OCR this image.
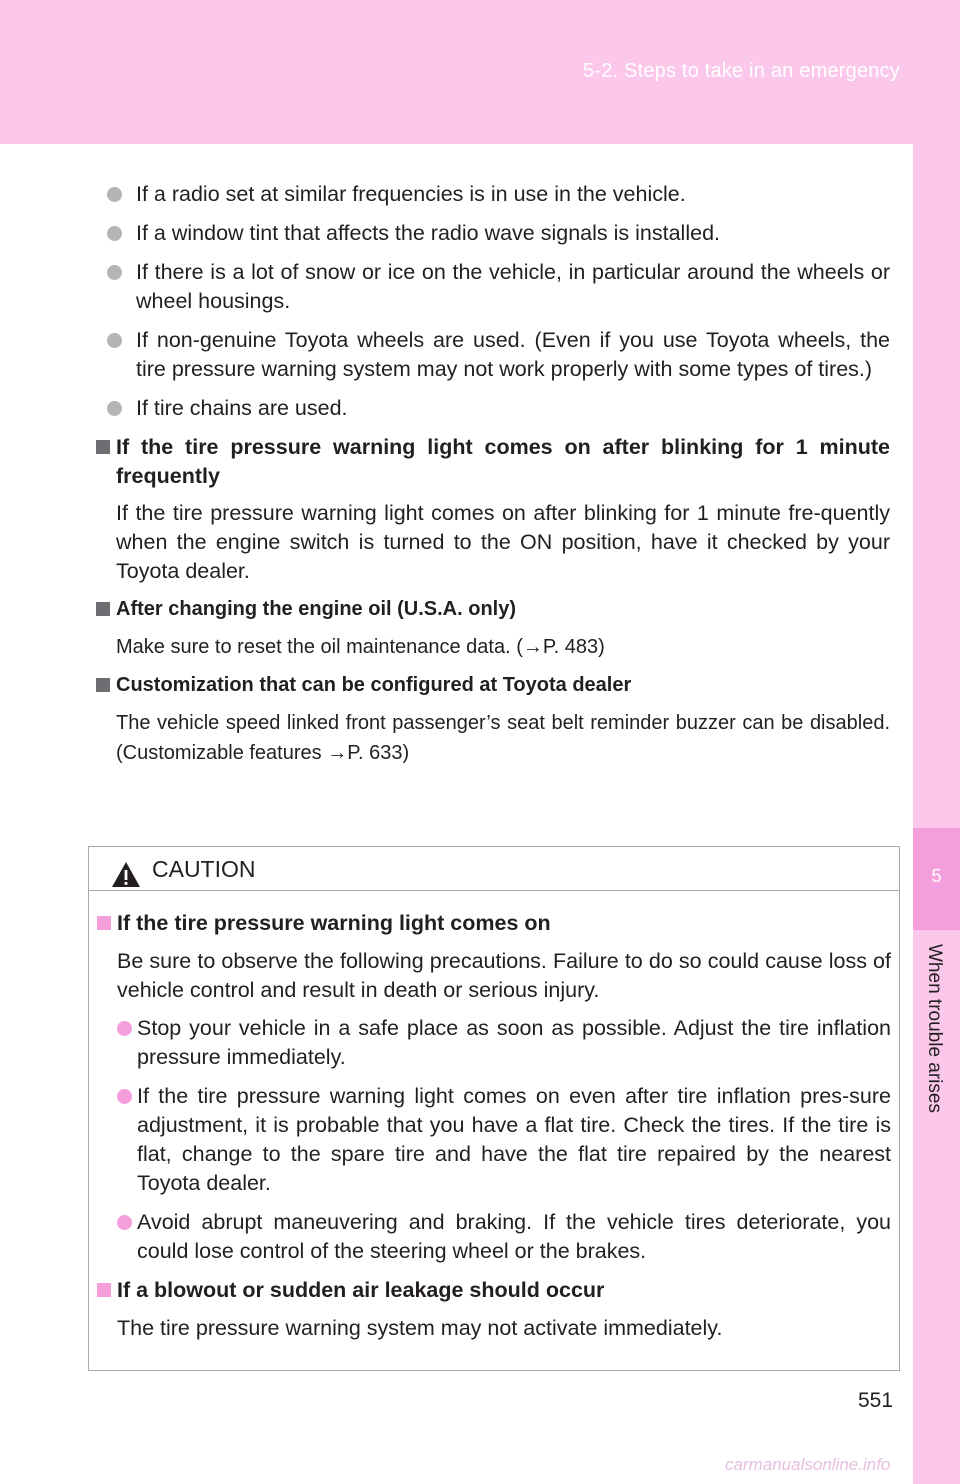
5-2. Steps to take in an emergency
5
When trouble arises
If a radio set at similar frequencies is in use in the vehicle.
If a window tint that affects the radio wave signals is installed.
If there is a lot of snow or ice on the vehicle, in particular around the wheels or wheel housings.
If non-genuine Toyota wheels are used. (Even if you use Toyota wheels, the tire pressure warning system may not work properly with some types of tires.)
If tire chains are used.
If the tire pressure warning light comes on after blinking for 1 minute frequently
If the tire pressure warning light comes on after blinking for 1 minute fre-quently when the engine switch is turned to the ON position, have it checked by your Toyota dealer.
After changing the engine oil (U.S.A. only)
Make sure to reset the oil maintenance data. (→P. 483)
Customization that can be configured at Toyota dealer
The vehicle speed linked front passenger’s seat belt reminder buzzer can be disabled. (Customizable features →P. 633)
CAUTION
If the tire pressure warning light comes on
Be sure to observe the following precautions. Failure to do so could cause loss of vehicle control and result in death or serious injury.
Stop your vehicle in a safe place as soon as possible. Adjust the tire inflation pressure immediately.
If the tire pressure warning light comes on even after tire inflation pres-sure adjustment, it is probable that you have a flat tire. Check the tires. If the tire is flat, change to the spare tire and have the flat tire repaired by the nearest Toyota dealer.
Avoid abrupt maneuvering and braking. If the vehicle tires deteriorate, you could lose control of the steering wheel or the brakes.
If a blowout or sudden air leakage should occur
The tire pressure warning system may not activate immediately.
551
carmanualsonline.info
